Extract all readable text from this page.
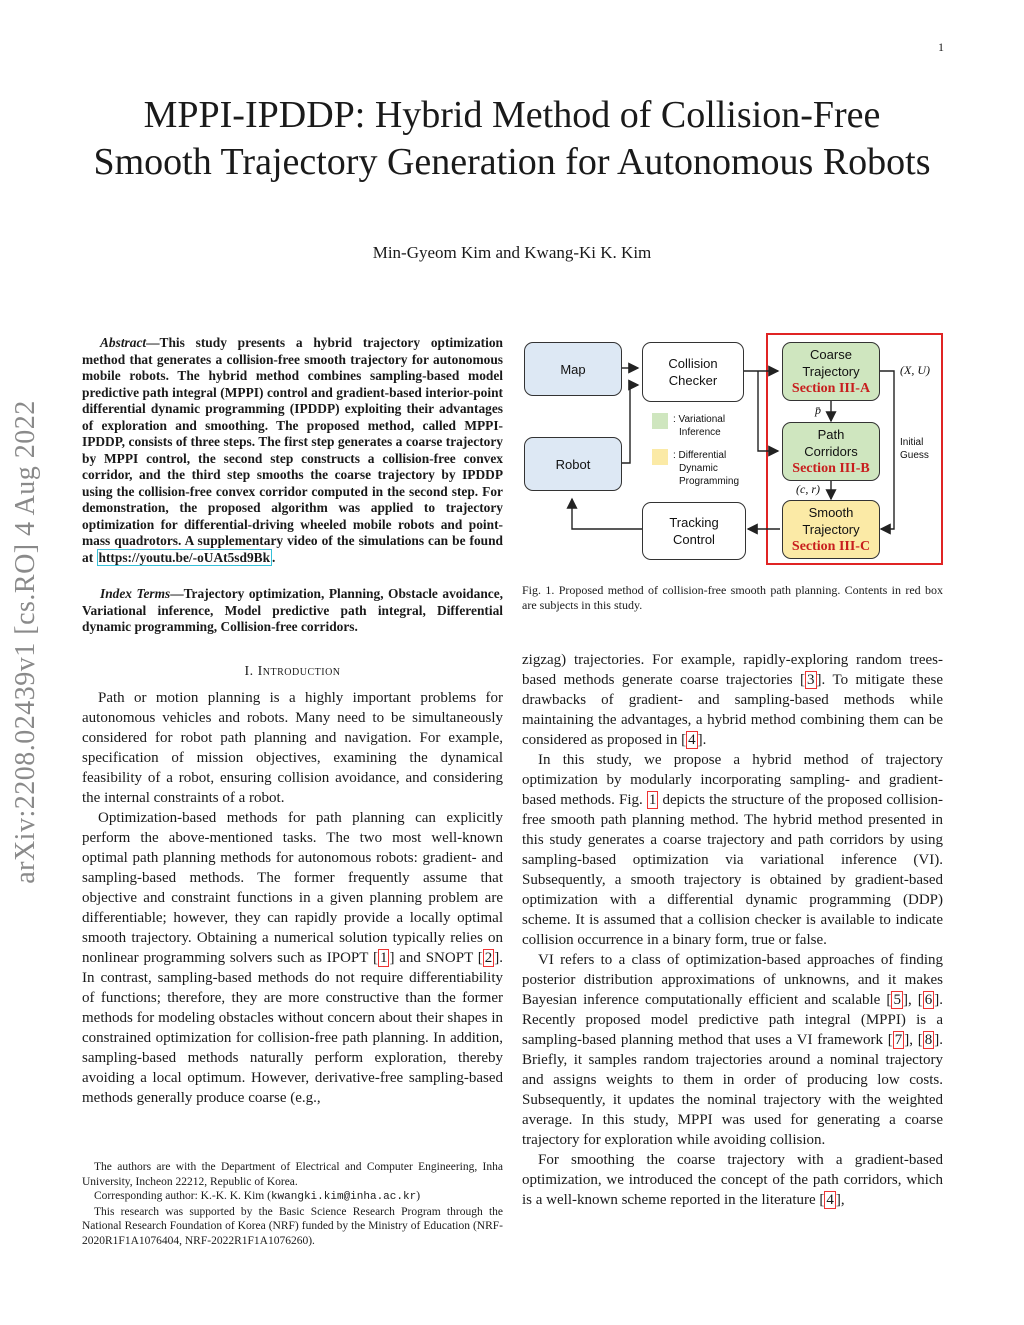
1
MPPI-IPDDP: Hybrid Method of Collision-Free Smooth Trajectory Generation for Autonomous Robots
Min-Gyeom Kim and Kwang-Ki K. Kim
arXiv:2208.02439v1 [cs.RO] 4 Aug 2022

Abstract—This study presents a hybrid trajectory optimization method that generates a collision-free smooth trajectory for autonomous mobile robots. The hybrid method combines sampling-based model predictive path integral (MPPI) control and gradient-based interior-point differential dynamic programming (IPDDP) exploiting their advantages of exploration and smoothing. The proposed method, called MPPI-IPDDP, consists of three steps. The first step generates a coarse trajectory by MPPI control, the second step constructs a collision-free convex corridor, and the third step smooths the coarse trajectory by IPDDP using the collision-free convex corridor computed in the second step. For demonstration, the proposed algorithm was applied to trajectory optimization for differential-driving wheeled mobile robots and point-mass quadrotors. A supplementary video of the simulations can be found at https://youtu.be/-oUAt5sd9Bk .

Index Terms—Trajectory optimization, Planning, Obstacle avoidance, Variational inference, Model predictive path integral, Differential dynamic programming, Collision-free corridors.

I. Introduction

Path or motion planning is a highly important problems for autonomous vehicles and robots. Many need to be simultaneously considered for robot path planning and navigation. For example, specification of mission objectives, examining the dynamical feasibility of a robot, ensuring collision avoidance, and considering the internal constraints of a robot.

Optimization-based methods for path planning can explicitly perform the above-mentioned tasks. The two most well-known optimal path planning methods for autonomous robots: gradient- and sampling-based methods. The former frequently assume that objective and constraint functions in a given planning problem are differentiable; however, they can rapidly provide a locally optimal smooth trajectory. Obtaining a numerical solution typically relies on nonlinear programming solvers such as IPOPT [ 1 ] and SNOPT [ 2 ]. In contrast, sampling-based methods do not require differentiability of functions; therefore, they are more constructive than the former methods for modeling obstacles without concern about their shapes in constrained optimization for collision-free path planning. In addition, sampling-based methods naturally perform exploration, thereby avoiding a local optimum. However, derivative-free sampling-based methods generally produce coarse (e.g.,

The authors are with the Department of Electrical and Computer Engineering, Inha University, Incheon 22212, Republic of Korea.

Corresponding author: K.-K. K. Kim (kwangki.kim@inha.ac.kr)

This research was supported by the Basic Science Research Program through the National Research Foundation of Korea (NRF) funded by the Ministry of Education (NRF- 2020R1F1A1076404, NRF-2022R1F1A1076260).

Map
Robot
Collision
Checker
Tracking
Control
Coarse
Trajectory
Section III-A
Path
Corridors
Section III-B
Smooth
Trajectory
Section III-C
: Variational
Inference
: Differential
Dynamic
Programming
(X, U)
p̄
(c, r)
Initial
Guess
Fig. 1. Proposed method of collision-free smooth path planning. Contents in red box are subjects in this study.

zigzag) trajectories. For example, rapidly-exploring random trees-based methods generate coarse trajectories [ 3 ]. To mitigate these drawbacks of gradient- and sampling-based methods while maintaining the advantages, a hybrid method combining them can be considered as proposed in [ 4 ].

In this study, we propose a hybrid method of trajectory optimization by modularly incorporating sampling- and gradient-based methods. Fig. 1 depicts the structure of the proposed collision-free smooth path planning method. The hybrid method presented in this study generates a coarse trajectory and path corridors by using sampling-based optimization via variational inference (VI). Subsequently, a smooth trajectory is obtained by gradient-based optimization with a differential dynamic programming (DDP) scheme. It is assumed that a collision checker is available to indicate collision occurrence in a binary form, true or false.

VI refers to a class of optimization-based approaches of finding posterior distribution approximations of unknowns, and it makes Bayesian inference computationally efficient and scalable [ 5 ], [ 6 ]. Recently proposed model predictive path integral (MPPI) is a sampling-based planning method that uses a VI framework [ 7 ], [ 8 ]. Briefly, it samples random trajectories around a nominal trajectory and assigns weights to them in order of producing low costs. Subsequently, it updates the nominal trajectory with the weighted average. In this study, MPPI was used for generating a coarse trajectory for exploration while avoiding collision.

For smoothing the coarse trajectory with a gradient-based optimization, we introduced the concept of the path corridors, which is a well-known scheme reported in the literature [ 4 ],
